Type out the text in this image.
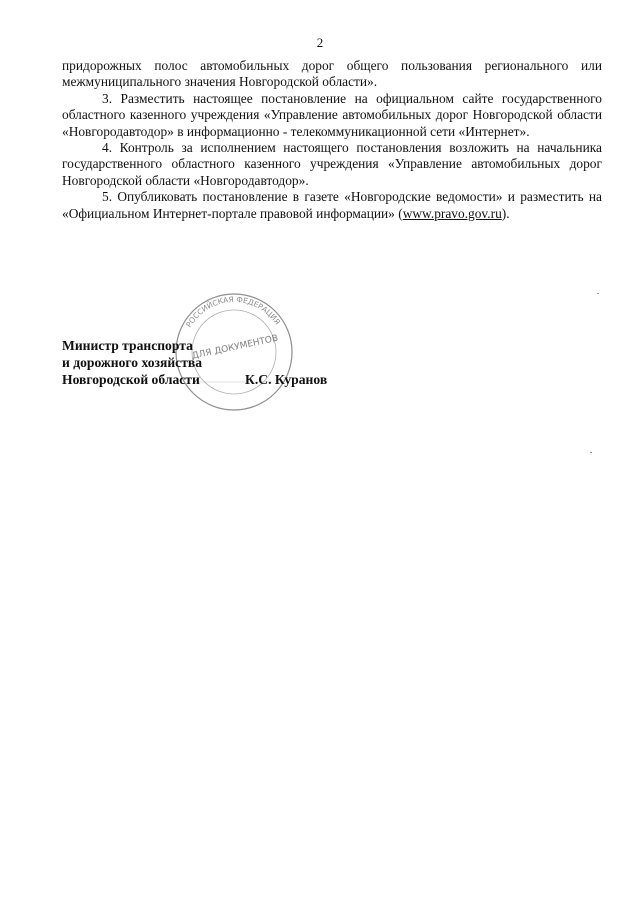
2

придорожных полос автомобильных дорог общего пользования регионального или межмуниципального значения Новгородской области».

3. Разместить настоящее постановление на официальном сайте государственного областного казенного учреждения «Управление автомобильных дорог Новгородской области «Новгородавтодор» в информационно - телекоммуникационной сети «Интернет».

4. Контроль за исполнением настоящего постановления возложить на начальника государственного областного казенного учреждения «Управление автомобильных дорог Новгородской области «Новгородавтодор».

5. Опубликовать постановление в газете «Новгородские ведомости» и разместить на «Официальном Интернет-портале правовой информации» (www.pravo.gov.ru).

РОССИЙСКАЯ ФЕДЕРАЦИЯ
ДЛЯ ДОКУМЕНТОВ
Министр транспорта
и дорожного хозяйства
Новгородской области	К.С. Куранов
